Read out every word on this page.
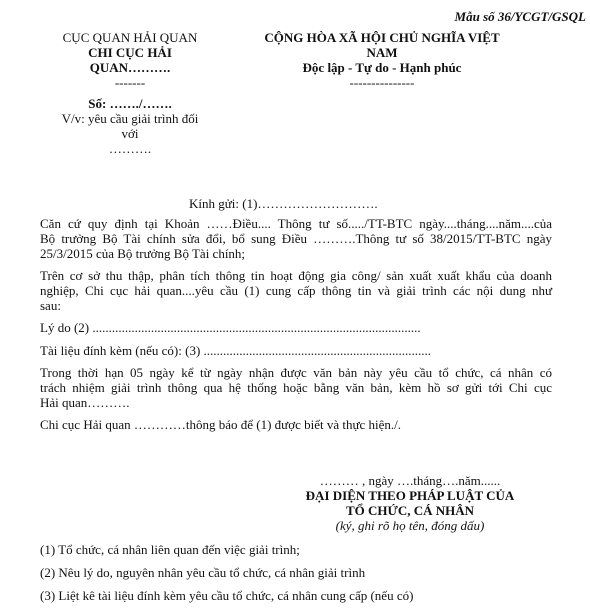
Mẫu số 36/YCGT/GSQL
CỤC QUAN HẢI QUAN
CHI CỤC HẢI
QUAN……….
-------
Số: ……./…….
V/v: yêu cầu giải trình đối
với
……….
CỘNG HÒA XÃ HỘI CHỦ NGHĨA VIỆT
NAM
Độc lập - Tự do - Hạnh phúc
---------------
Kính gửi: (1)……………………….
Căn cứ quy định tại Khoản ……Điều.... Thông tư số...../TT-BTC ngày....tháng....năm....của
Bộ trưởng Bộ Tài chính sửa đổi, bổ sung Điều ……….Thông tư số 38/2015/TT-BTC ngày
25/3/2015 của Bộ trưởng Bộ Tài chính;
Trên cơ sở thu thập, phân tích thông tin hoạt động gia công/ sản xuất xuất khẩu của doanh
nghiệp, Chi cục hải quan....yêu cầu (1) cung cấp thông tin và giải trình các nội dung như
sau:
Lý do (2) .....................................................................................................
Tài liệu đính kèm (nếu có): (3) ......................................................................
Trong thời hạn 05 ngày kể từ ngày nhận được văn bản này yêu cầu tổ chức, cá nhân có
trách nhiệm giải trình thông qua hệ thống hoặc bằng văn bản, kèm hồ sơ gửi tới Chi cục
Hải quan……….
Chi cục Hải quan …………thông báo để (1) được biết và thực hiện./.
……… , ngày ….tháng….năm......
ĐẠI DIỆN THEO PHÁP LUẬT CỦA
TỔ CHỨC, CÁ NHÂN
(ký, ghi rõ họ tên, đóng dấu)
(1) Tổ chức, cá nhân liên quan đến việc giải trình;
(2) Nêu lý do, nguyên nhân yêu cầu tổ chức, cá nhân giải trình
(3) Liệt kê tài liệu đính kèm yêu cầu tổ chức, cá nhân cung cấp (nếu có)
